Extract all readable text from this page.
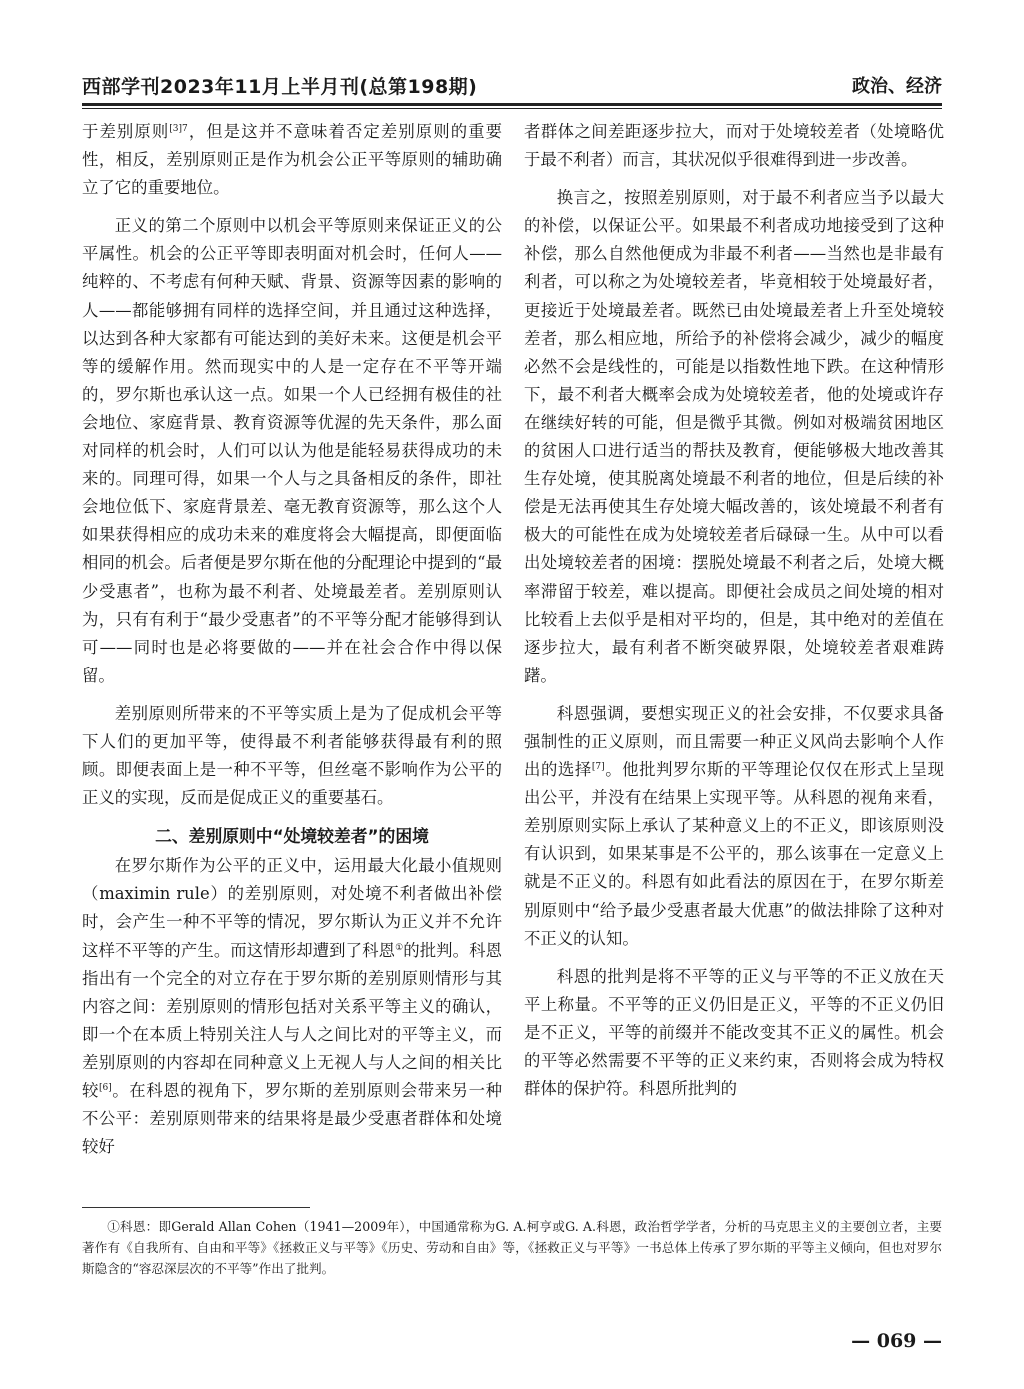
西部学刊2023年11月上半月刊(总第198期)	政治、经济

于差别原则$^{[3]7}$，但是这并不意味着否定差别原则的重要性，相反，差别原则正是作为机会公正平等原则的辅助确立了它的重要地位。

正义的第二个原则中以机会平等原则来保证正义的公平属性。机会的公正平等即表明面对机会时，任何人——纯粹的、不考虑有何种天赋、背景、资源等因素的影响的人——都能够拥有同样的选择空间，并且通过这种选择，以达到各种大家都有可能达到的美好未来。这便是机会平等的缓解作用。然而现实中的人是一定存在不平等开端的，罗尔斯也承认这一点。如果一个人已经拥有极佳的社会地位、家庭背景、教育资源等优渥的先天条件，那么面对同样的机会时，人们可以认为他是能轻易获得成功的未来的。同理可得，如果一个人与之具备相反的条件，即社会地位低下、家庭背景差、毫无教育资源等，那么这个人如果获得相应的成功未来的难度将会大幅提高，即便面临相同的机会。后者便是罗尔斯在他的分配理论中提到的“最少受惠者”，也称为最不利者、处境最差者。差别原则认为，只有有利于“最少受惠者”的不平等分配才能够得到认可——同时也是必将要做的——并在社会合作中得以保留。

差别原则所带来的不平等实质上是为了促成机会平等下人们的更加平等，使得最不利者能够获得最有利的照顾。即便表面上是一种不平等，但丝毫不影响作为公平的正义的实现，反而是促成正义的重要基石。

二、差别原则中“处境较差者”的困境

在罗尔斯作为公平的正义中，运用最大化最小值规则（maximin rule）的差别原则，对处境不利者做出补偿时，会产生一种不平等的情况，罗尔斯认为正义并不允许这样不平等的产生。而这情形却遭到了科恩①的批判。科恩指出有一个完全的对立存在于罗尔斯的差别原则情形与其内容之间：差别原则的情形包括对关系平等主义的确认，即一个在本质上特别关注人与人之间比对的平等主义，而差别原则的内容却在同种意义上无视人与人之间的相关比较[6]。在科恩的视角下，罗尔斯的差别原则会带来另一种不公平：差别原则带来的结果将是最少受惠者群体和处境较好

者群体之间差距逐步拉大，而对于处境较差者（处境略优于最不利者）而言，其状况似乎很难得到进一步改善。

换言之，按照差别原则，对于最不利者应当予以最大的补偿，以保证公平。如果最不利者成功地接受到了这种补偿，那么自然他便成为非最不利者——当然也是非最有利者，可以称之为处境较差者，毕竟相较于处境最好者，更接近于处境最差者。既然已由处境最差者上升至处境较差者，那么相应地，所给予的补偿将会减少，减少的幅度必然不会是线性的，可能是以指数性地下跌。在这种情形下，最不利者大概率会成为处境较差者，他的处境或许存在继续好转的可能，但是微乎其微。例如对极端贫困地区的贫困人口进行适当的帮扶及教育，便能够极大地改善其生存处境，使其脱离处境最不利者的地位，但是后续的补偿是无法再使其生存处境大幅改善的，该处境最不利者有极大的可能性在成为处境较差者后碌碌一生。从中可以看出处境较差者的困境：摆脱处境最不利者之后，处境大概率滞留于较差，难以提高。即便社会成员之间处境的相对比较看上去似乎是相对平均的，但是，其中绝对的差值在逐步拉大，最有利者不断突破界限，处境较差者艰难踌躇。

科恩强调，要想实现正义的社会安排，不仅要求具备强制性的正义原则，而且需要一种正义风尚去影响个人作出的选择[7]。他批判罗尔斯的平等理论仅仅在形式上呈现出公平，并没有在结果上实现平等。从科恩的视角来看，差别原则实际上承认了某种意义上的不正义，即该原则没有认识到，如果某事是不公平的，那么该事在一定意义上就是不正义的。科恩有如此看法的原因在于，在罗尔斯差别原则中“给予最少受惠者最大优惠”的做法排除了这种对不正义的认知。

科恩的批判是将不平等的正义与平等的不正义放在天平上称量。不平等的正义仍旧是正义，平等的不正义仍旧是不正义，平等的前缀并不能改变其不正义的属性。机会的平等必然需要不平等的正义来约束，否则将会成为特权群体的保护符。科恩所批判的

①科恩：即Gerald Allan Cohen（1941—2009年），中国通常称为G. A.柯亨或G. A.科恩，政治哲学学者，分析的马克思主义的主要创立者，主要著作有《自我所有、自由和平等》《拯救正义与平等》《历史、劳动和自由》等，《拯救正义与平等》一书总体上传承了罗尔斯的平等主义倾向，但也对罗尔斯隐含的“容忍深层次的不平等”作出了批判。
— 069 —
